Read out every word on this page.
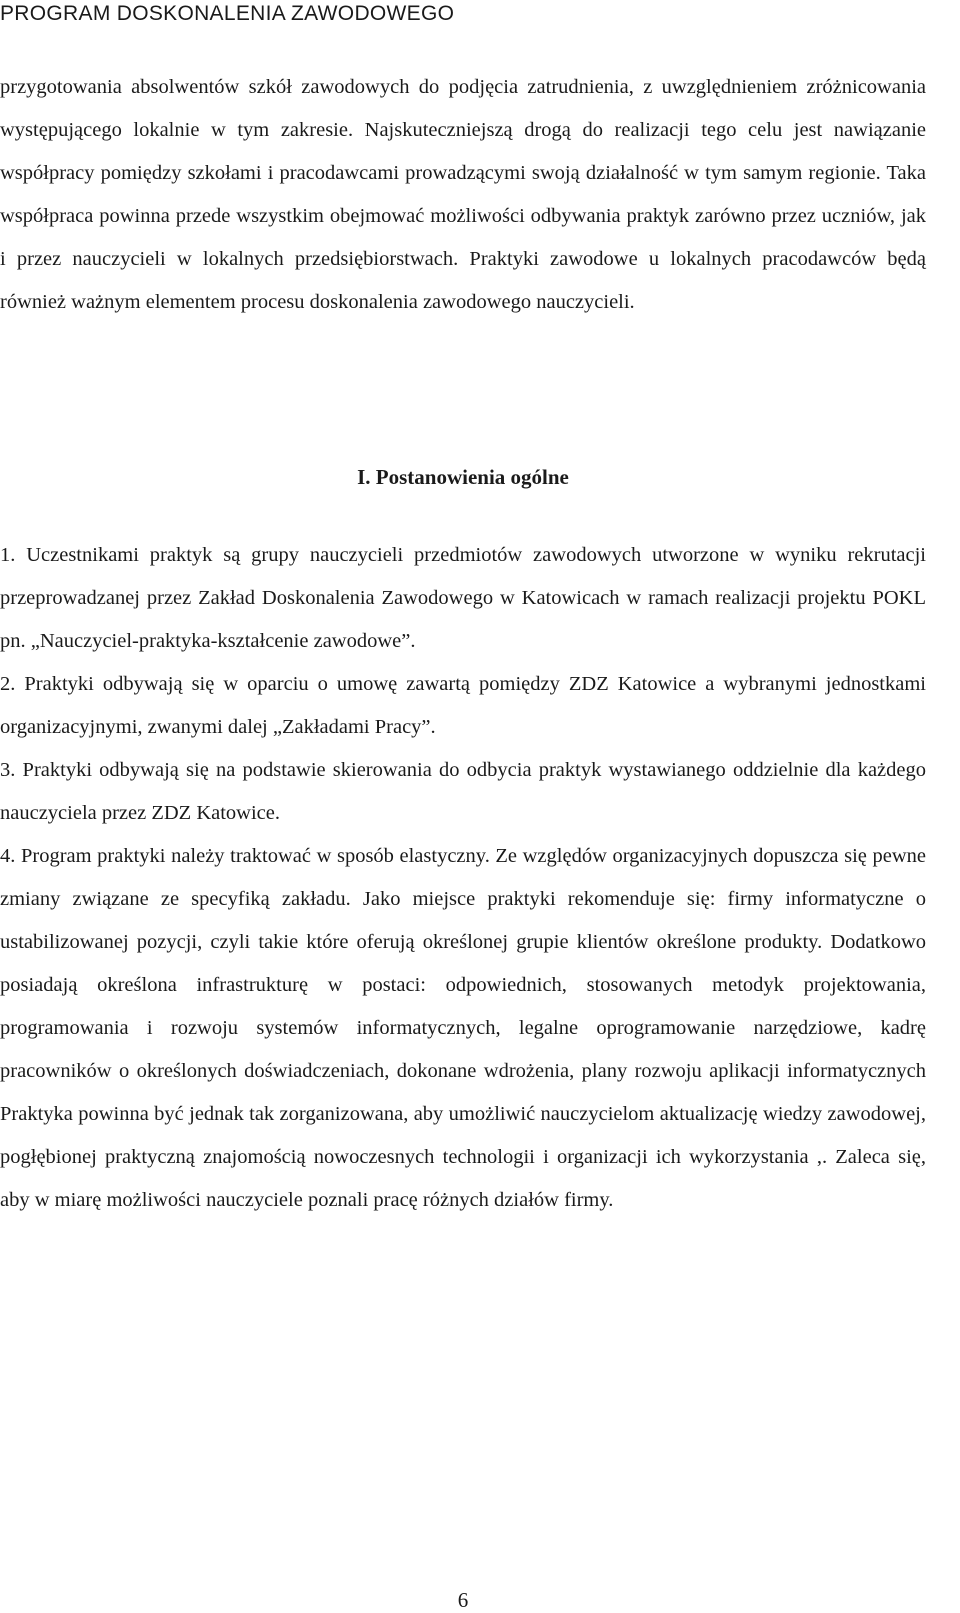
PROGRAM DOSKONALENIA ZAWODOWEGO

przygotowania absolwentów szkół zawodowych do podjęcia zatrudnienia, z uwzględnieniem zróżnicowania występującego lokalnie w tym zakresie. Najskuteczniejszą drogą do realizacji tego celu jest nawiązanie współpracy pomiędzy szkołami i pracodawcami prowadzącymi swoją działalność w tym samym regionie. Taka współpraca powinna przede wszystkim obejmować możliwości odbywania praktyk zarówno przez uczniów, jak i przez nauczycieli w lokalnych przedsiębiorstwach. Praktyki zawodowe u lokalnych pracodawców będą również ważnym elementem procesu doskonalenia zawodowego nauczycieli.

I. Postanowienia ogólne

1. Uczestnikami praktyk są grupy nauczycieli przedmiotów zawodowych utworzone w wyniku rekrutacji przeprowadzanej przez Zakład Doskonalenia Zawodowego w Katowicach w ramach realizacji projektu POKL pn. „Nauczyciel-praktyka-kształcenie zawodowe”.
2. Praktyki odbywają się w oparciu o umowę zawartą pomiędzy ZDZ Katowice a wybranymi jednostkami organizacyjnymi, zwanymi dalej „Zakładami Pracy”.
3. Praktyki odbywają się na podstawie skierowania do odbycia praktyk wystawianego oddzielnie dla każdego nauczyciela przez ZDZ Katowice.
4. Program praktyki należy traktować w sposób elastyczny. Ze względów organizacyjnych dopuszcza się pewne zmiany związane ze specyfiką zakładu. Jako miejsce praktyki rekomenduje się: firmy informatyczne o ustabilizowanej pozycji, czyli takie które oferują określonej grupie klientów określone produkty. Dodatkowo posiadają określona infrastrukturę w postaci: odpowiednich, stosowanych metodyk projektowania, programowania i rozwoju systemów informatycznych, legalne oprogramowanie narzędziowe, kadrę pracowników o określonych doświadczeniach, dokonane wdrożenia, plany rozwoju aplikacji informatycznych Praktyka powinna być jednak tak zorganizowana, aby umożliwić nauczycielom aktualizację wiedzy zawodowej, pogłębionej praktyczną znajomością nowoczesnych technologii i organizacji ich wykorzystania ,. Zaleca się, aby w miarę możliwości nauczyciele poznali pracę różnych działów firmy.

6
